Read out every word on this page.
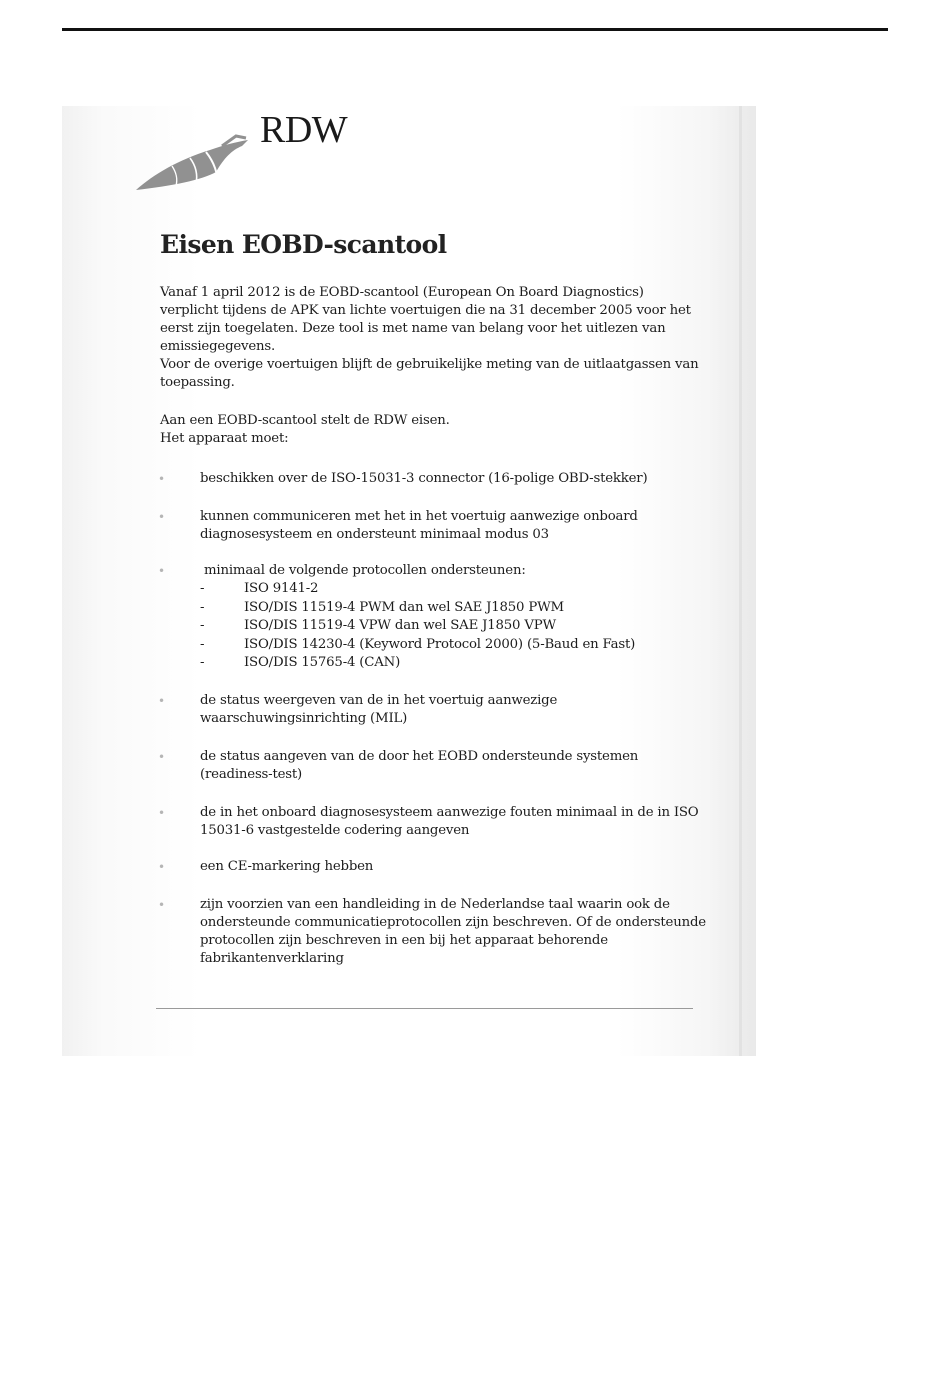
RDW
Eisen EOBD-scantool

Vanaf 1 april 2012 is de EOBD-scantool (European On Board Diagnostics) verplicht tijdens de APK van lichte voertuigen die na 31 december 2005 voor het eerst zijn toegelaten. Deze tool is met name van belang voor het uitlezen van emissiegegevens.
Voor de overige voertuigen blijft de gebruikelijke meting van de uitlaatgassen van toepassing.

Aan een EOBD-scantool stelt de RDW eisen.
Het apparaat moet:

•	beschikken over de ISO-15031-3 connector (16-polige OBD-stekker)
•	kunnen communiceren met het in het voertuig aanwezige onboard diagnosesysteem en ondersteunt minimaal modus 03
•	minimaal de volgende protocollen ondersteunen:
-	ISO 9141-2
-	ISO/DIS 11519-4 PWM dan wel SAE J1850 PWM
-	ISO/DIS 11519-4 VPW dan wel SAE J1850 VPW
-	ISO/DIS 14230-4 (Keyword Protocol 2000) (5-Baud en Fast)
-	ISO/DIS 15765-4 (CAN)
•	de status weergeven van de in het voertuig aanwezige waarschuwingsinrichting (MIL)
•	de status aangeven van de door het EOBD ondersteunde systemen (readiness-test)
•	de in het onboard diagnosesysteem aanwezige fouten minimaal in de in ISO 15031-6 vastgestelde codering aangeven
•	een CE-markering hebben
•	zijn voorzien van een handleiding in de Nederlandse taal waarin ook de ondersteunde communicatieprotocollen zijn beschreven. Of de ondersteunde protocollen zijn beschreven in een bij het apparaat behorende fabrikantenverklaring
